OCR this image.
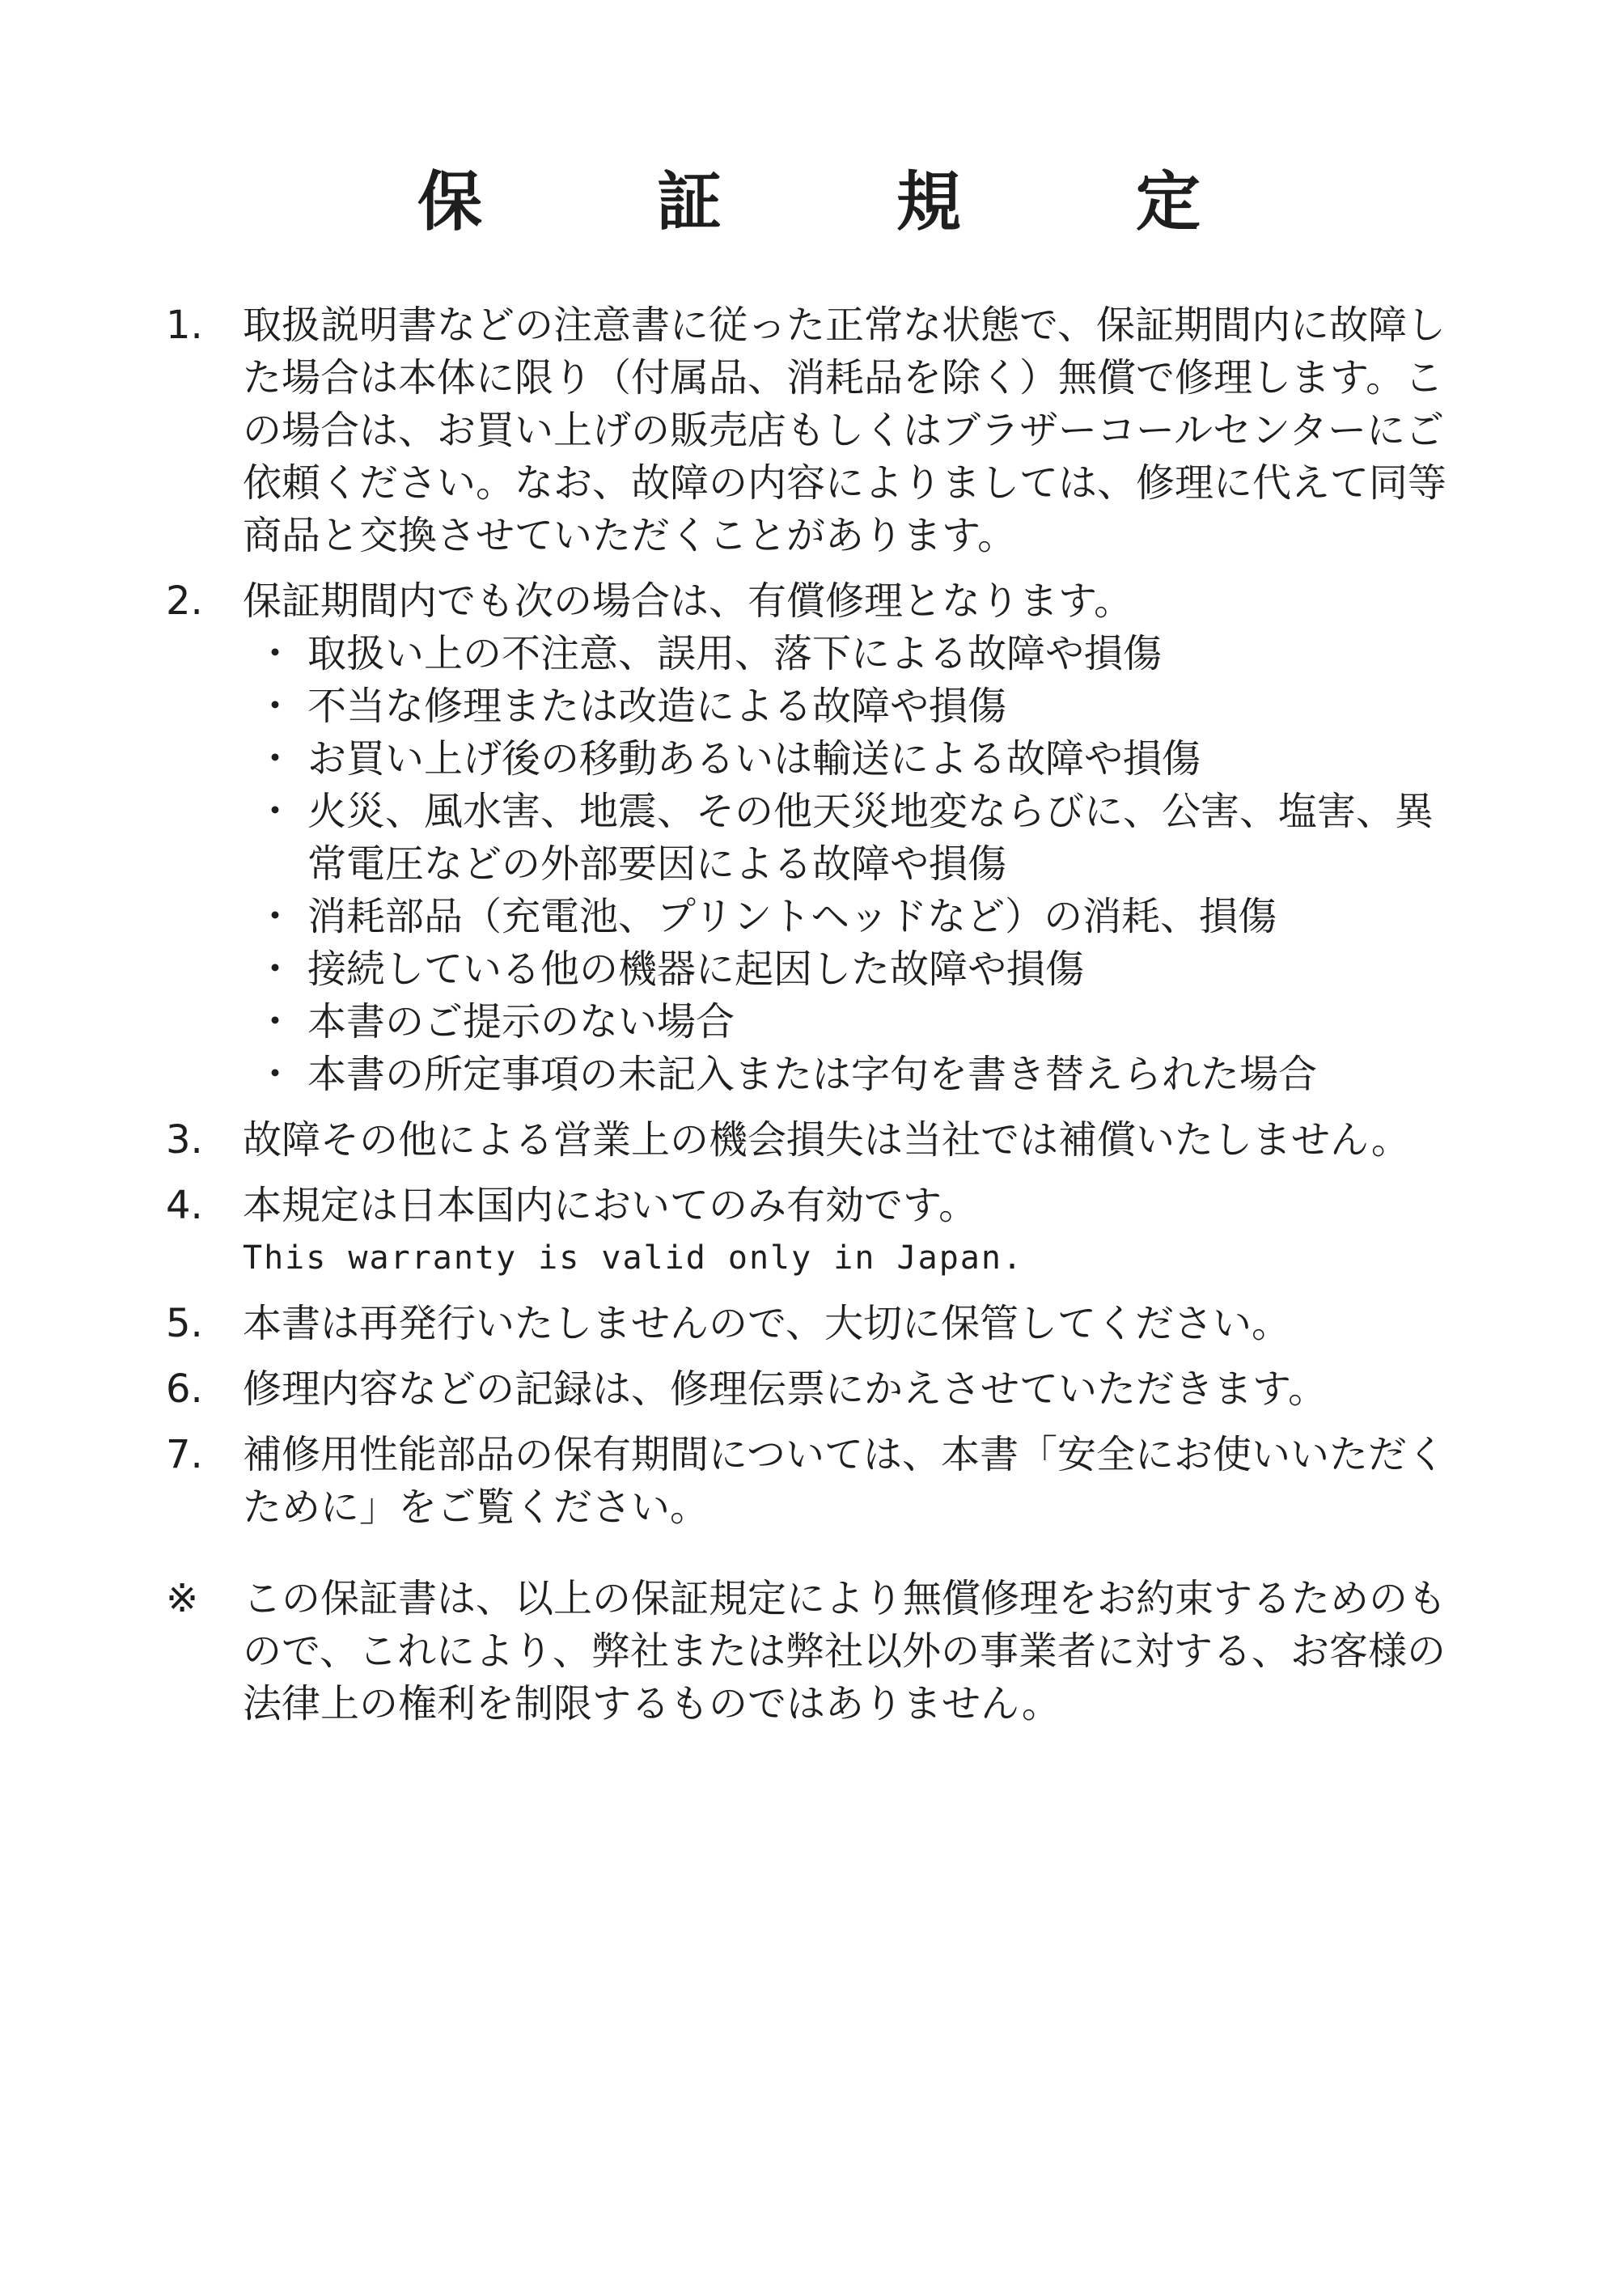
保　証　規　定
1.	取扱説明書などの注意書に従った正常な状態で、保証期間内に故障した場合は本体に限り（付属品、消耗品を除く）無償で修理します。この場合は、お買い上げの販売店もしくはブラザーコールセンターにご依頼ください。なお、故障の内容によりましては、修理に代えて同等商品と交換させていただくことがあります。

2.	保証期間内でも次の場合は、有償修理となります。

・ 取扱い上の不注意、誤用、落下による故障や損傷
・ 不当な修理または改造による故障や損傷
・ お買い上げ後の移動あるいは輸送による故障や損傷
・ 火災、風水害、地震、その他天災地変ならびに、公害、塩害、異常電圧などの外部要因による故障や損傷
・ 消耗部品（充電池、プリントヘッドなど）の消耗、損傷
・ 接続している他の機器に起因した故障や損傷
・ 本書のご提示のない場合
・ 本書の所定事項の未記入または字句を書き替えられた場合
3.	故障その他による営業上の機会損失は当社では補償いたしません。

4.	本規定は日本国内においてのみ有効です。

This warranty is valid only in Japan.

5.	本書は再発行いたしませんので、大切に保管してください。

6.	修理内容などの記録は、修理伝票にかえさせていただきます。

7.	補修用性能部品の保有期間については、本書「安全にお使いいただくために」をご覧ください。

※	この保証書は、以上の保証規定により無償修理をお約束するためのもので、これにより、弊社または弊社以外の事業者に対する、お客様の法律上の権利を制限するものではありません。
